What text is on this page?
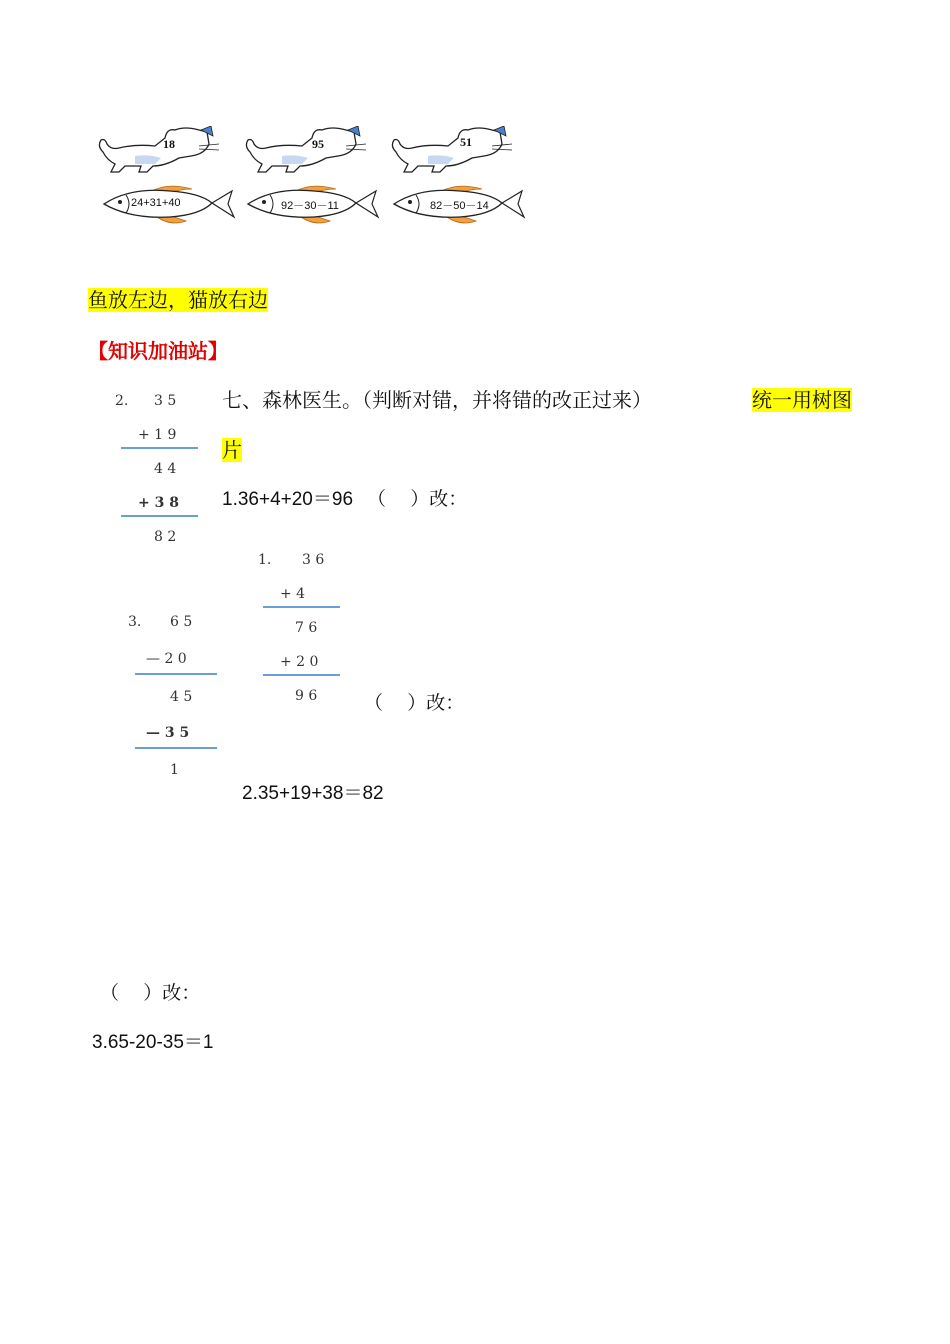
18	95	51
24+31+40	92－30－11	82－50－14
鱼放左边，猫放右边
【知识加油站】
七、森林医生。（判断对错，并将错的改正过来）	统一用树图
片
1.36+4+20＝96 （　 ）改：
2. 3 5
+ 1 9
4 4
+ 3 8
8 2
1. 3 6
+ 4
7 6
+ 2 0
9 6
3. 6 5
— 2 0
4 5
— 3 5
1
（　 ）改：
2.35+19+38＝82
（　 ）改：
3.65-20-35＝1
